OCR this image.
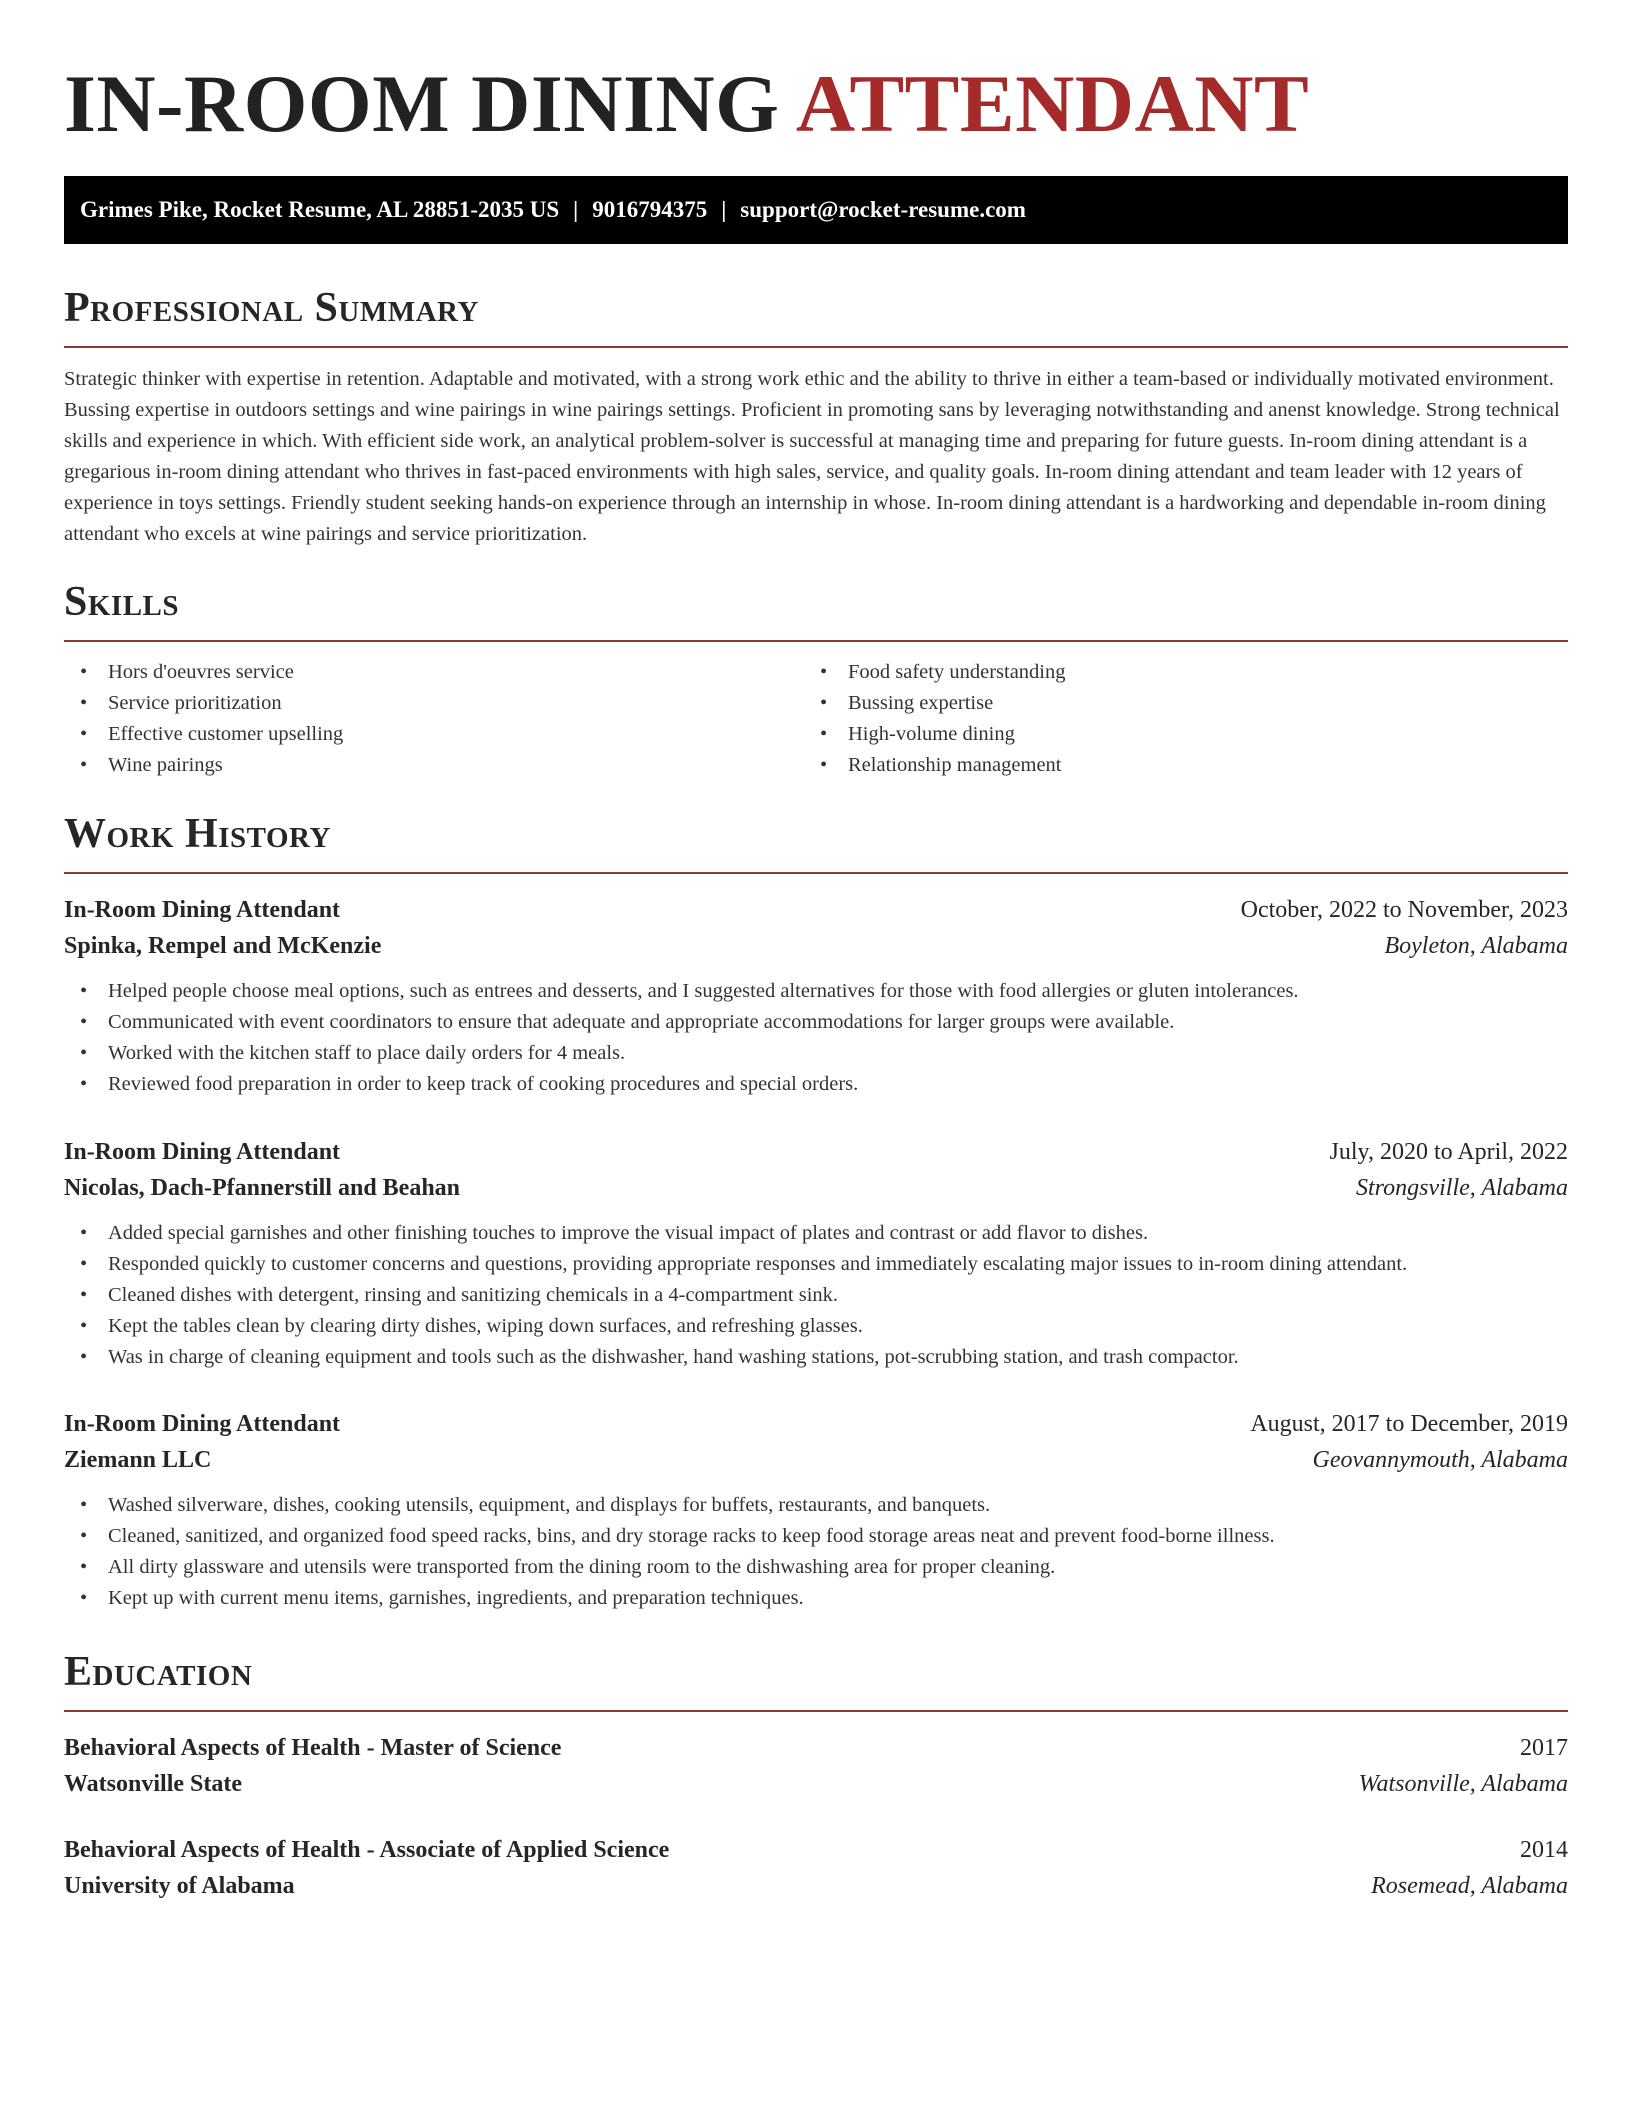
IN-ROOM DINING ATTENDANT
Grimes Pike, Rocket Resume, AL 28851-2035 US | 9016794375 | support@rocket-resume.com
Professional Summary

Strategic thinker with expertise in retention. Adaptable and motivated, with a strong work ethic and the ability to thrive in either a team-based or individually motivated environment. Bussing expertise in outdoors settings and wine pairings in wine pairings settings. Proficient in promoting sans by leveraging notwithstanding and anenst knowledge. Strong technical skills and experience in which. With efficient side work, an analytical problem-solver is successful at managing time and preparing for future guests. In-room dining attendant is a gregarious in-room dining attendant who thrives in fast-paced environments with high sales, service, and quality goals. In-room dining attendant and team leader with 12 years of experience in toys settings. Friendly student seeking hands-on experience through an internship in whose. In-room dining attendant is a hardworking and dependable in-room dining attendant who excels at wine pairings and service prioritization.

Skills
• Hors d'oeuvres service	• Food safety understanding
• Service prioritization	• Bussing expertise
• Effective customer upselling	• High-volume dining
• Wine pairings	• Relationship management
Work History
In-Room Dining Attendant	October, 2022 to November, 2023
Spinka, Rempel and McKenzie	Boyleton, Alabama
• Helped people choose meal options, such as entrees and desserts, and I suggested alternatives for those with food allergies or gluten intolerances.
• Communicated with event coordinators to ensure that adequate and appropriate accommodations for larger groups were available.
• Worked with the kitchen staff to place daily orders for 4 meals.
• Reviewed food preparation in order to keep track of cooking procedures and special orders.
In-Room Dining Attendant	July, 2020 to April, 2022
Nicolas, Dach-Pfannerstill and Beahan	Strongsville, Alabama
• Added special garnishes and other finishing touches to improve the visual impact of plates and contrast or add flavor to dishes.
• Responded quickly to customer concerns and questions, providing appropriate responses and immediately escalating major issues to in-room dining attendant.
• Cleaned dishes with detergent, rinsing and sanitizing chemicals in a 4-compartment sink.
• Kept the tables clean by clearing dirty dishes, wiping down surfaces, and refreshing glasses.
• Was in charge of cleaning equipment and tools such as the dishwasher, hand washing stations, pot-scrubbing station, and trash compactor.
In-Room Dining Attendant	August, 2017 to December, 2019
Ziemann LLC	Geovannymouth, Alabama
• Washed silverware, dishes, cooking utensils, equipment, and displays for buffets, restaurants, and banquets.
• Cleaned, sanitized, and organized food speed racks, bins, and dry storage racks to keep food storage areas neat and prevent food-borne illness.
• All dirty glassware and utensils were transported from the dining room to the dishwashing area for proper cleaning.
• Kept up with current menu items, garnishes, ingredients, and preparation techniques.
Education
Behavioral Aspects of Health - Master of Science	2017
Watsonville State	Watsonville, Alabama
Behavioral Aspects of Health - Associate of Applied Science	2014
University of Alabama	Rosemead, Alabama
